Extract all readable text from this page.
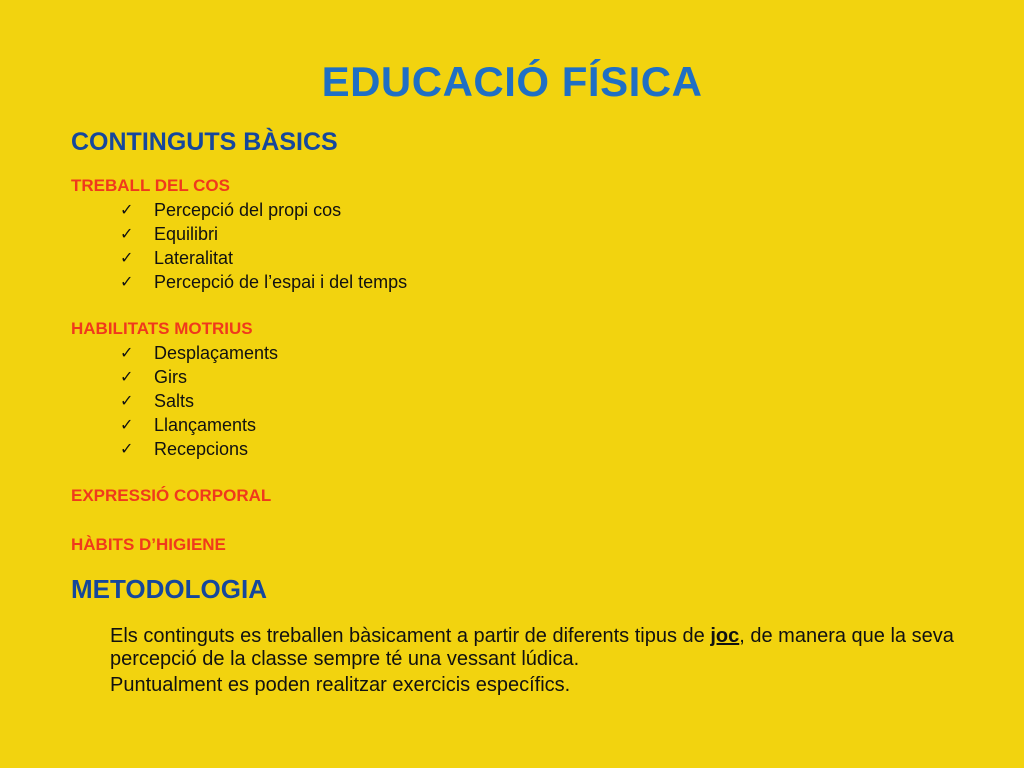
EDUCACIÓ FÍSICA
CONTINGUTS BÀSICS
TREBALL DEL COS
✓	Percepció del propi cos
✓	Equilibri
✓	Lateralitat
✓	Percepció de l’espai i del temps
HABILITATS MOTRIUS
✓	Desplaçaments
✓	Girs
✓	Salts
✓	Llançaments
✓	Recepcions
EXPRESSIÓ CORPORAL
HÀBITS D’HIGIENE
METODOLOGIA

Els continguts es treballen bàsicament a partir de diferents tipus de joc, de manera que la seva percepció de la classe sempre té una vessant lúdica.

Puntualment es poden realitzar exercicis específics.
